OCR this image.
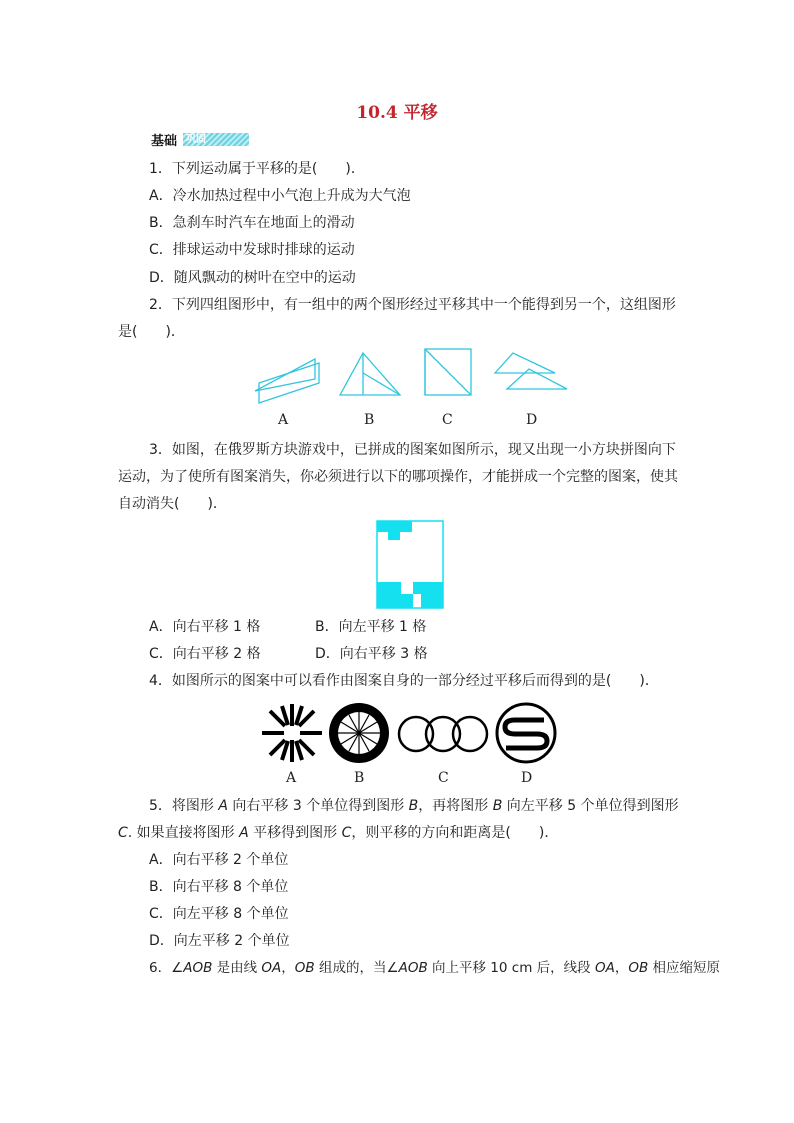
10.4 平移
基础 巩固
1．下列运动属于平移的是(　　)．
A．冷水加热过程中小气泡上升成为大气泡
B．急刹车时汽车在地面上的滑动
C．排球运动中发球时排球的运动
D．随风飘动的树叶在空中的运动
2．下列四组图形中，有一组中的两个图形经过平移其中一个能得到另一个，这组图形
是(　　)．
A	B	C	D
3．如图，在俄罗斯方块游戏中，已拼成的图案如图所示，现又出现一小方块拼图向下
运动，为了使所有图案消失，你必须进行以下的哪项操作，才能拼成一个完整的图案，使其
自动消失(　　)．
A．向右平移 1 格	B．向左平移 1 格
C．向右平移 2 格	D．向右平移 3 格
4．如图所示的图案中可以看作由图案自身的一部分经过平移后而得到的是(　　)．
A	B	C	D
5．将图形 A 向右平移 3 个单位得到图形 B，再将图形 B 向左平移 5 个单位得到图形
C. 如果直接将图形 A 平移得到图形 C，则平移的方向和距离是(　　)．
A．向右平移 2 个单位
B．向右平移 8 个单位
C．向左平移 8 个单位
D．向左平移 2 个单位
6．∠AOB 是由线 OA，OB 组成的，当∠AOB 向上平移 10 cm 后，线段 OA，OB 相应缩短原
